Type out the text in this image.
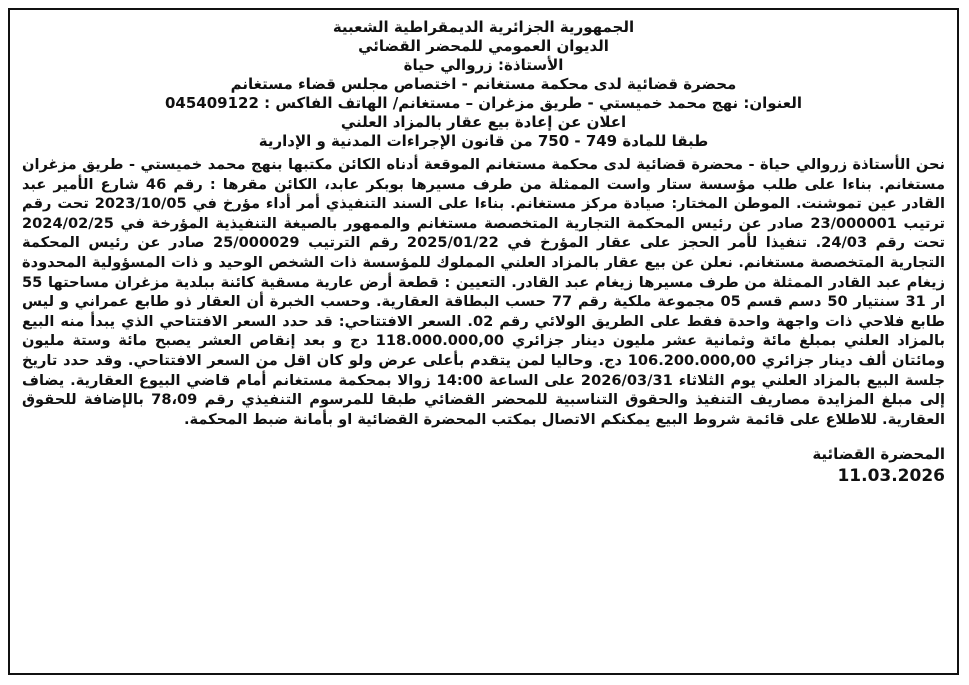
الجمهورية الجزائرية الديمقراطية الشعبية
الديوان العمومي للمحضر القضائي
الأستاذة: زروالي حياة
محضرة قضائية لدى محكمة مستغانم - اختصاص مجلس قضاء مستغانم
العنوان: نهج محمد خميستي - طريق مزغران – مستغانم/ الهاتف الفاكس : 045409122
اعلان عن إعادة بيع عقار بالمزاد العلني
طبقا للمادة 749 - 750 من قانون الإجراءات المدنية و الإدارية
نحن الأستاذة زروالي حياة - محضرة قضائية لدى محكمة مستغانم الموقعة أدناه الكائن مكتبها بنهج محمد خميستي - طريق مزغران مستغانم. بناءا على طلب مؤسسة ستار واست الممثلة من طرف مسيرها بوبكر عابد، الكائن مقرها : رقم 46 شارع الأمير عبد القادر عين تموشنت. الموطن المختار: صيادة مركز مستغانم. بناءا على السند التنفيذي أمر أداء مؤرخ في 2023/10/05 تحت رقم ترتيب 23/000001 صادر عن رئيس المحكمة التجارية المتخصصة مستغانم والممهور بالصيغة التنفيذية المؤرخة في 2024/02/25 تحت رقم 24/03. تنفيذا لأمر الحجز على عقار المؤرخ في 2025/01/22 رقم الترتيب 25/000029 صادر عن رئيس المحكمة التجارية المتخصصة مستغانم. نعلن عن بيع عقار بالمزاد العلني المملوك للمؤسسة ذات الشخص الوحيد و ذات المسؤولية المحدودة زيغام عبد القادر الممثلة من طرف مسيرها زيغام عبد القادر. التعيين : قطعة أرض عارية مسقية كائنة ببلدية مزغران مساحتها 55 ار 31 سنتيار 50 دسم قسم 05 مجموعة ملكية رقم 77 حسب البطاقة العقارية. وحسب الخبرة أن العقار ذو طابع عمراني و ليس طابع فلاحي ذات واجهة واحدة فقط على الطريق الولائي رقم 02. السعر الافتتاحي: قد حدد السعر الافتتاحي الذي يبدأ منه البيع بالمزاد العلني بمبلغ مائة وثمانية عشر مليون دينار جزائري 118.000.000,00 دج و بعد إنقاص العشر يصبح مائة وستة مليون ومائتان ألف دينار جزائري 106.200.000,00 دج. وحاليا لمن يتقدم بأعلى عرض ولو كان اقل من السعر الافتتاحي. وقد حدد تاريخ جلسة البيع بالمزاد العلني يوم الثلاثاء 2026/03/31 على الساعة 14:00 زوالا بمحكمة مستغانم أمام قاضي البيوع العقارية. يضاف إلى مبلغ المزايدة مصاريف التنفيذ والحقوق التناسبية للمحضر القضائي طبقا للمرسوم التنفيذي رقم 78،09 بالإضافة للحقوق العقارية. للاطلاع على قائمة شروط البيع يمكنكم الاتصال بمكتب المحضرة القضائية او بأمانة ضبط المحكمة.
المحضرة القضائية
11.03.2026
